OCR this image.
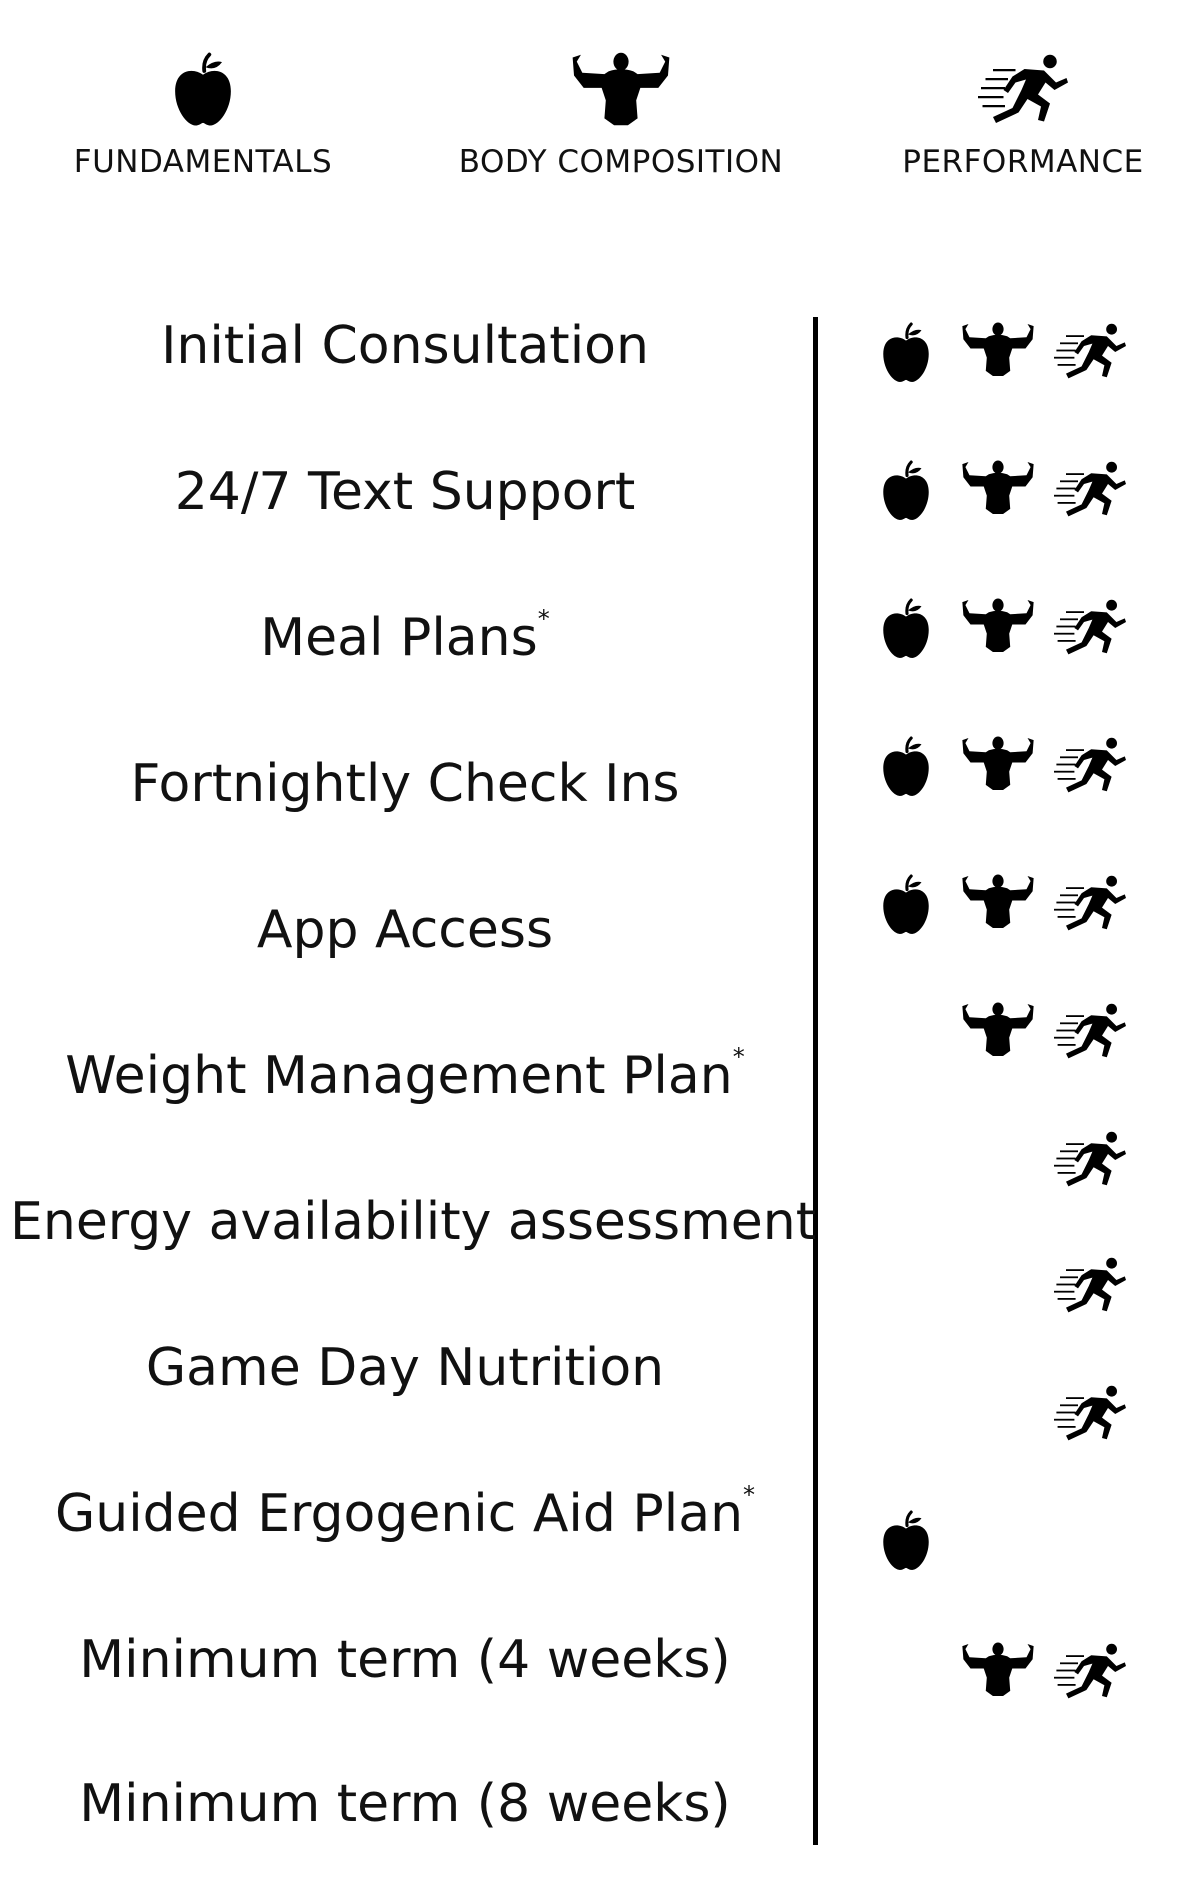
FUNDAMENTALS	BODY COMPOSITION	PERFORMANCE
Initial Consultation
24/7 Text Support
Meal Plans*
Fortnightly Check Ins
App Access
Weight Management Plan*
Energy availability assessment
Game Day Nutrition
Guided Ergogenic Aid Plan*
Minimum term (4 weeks)
Minimum term (8 weeks)
